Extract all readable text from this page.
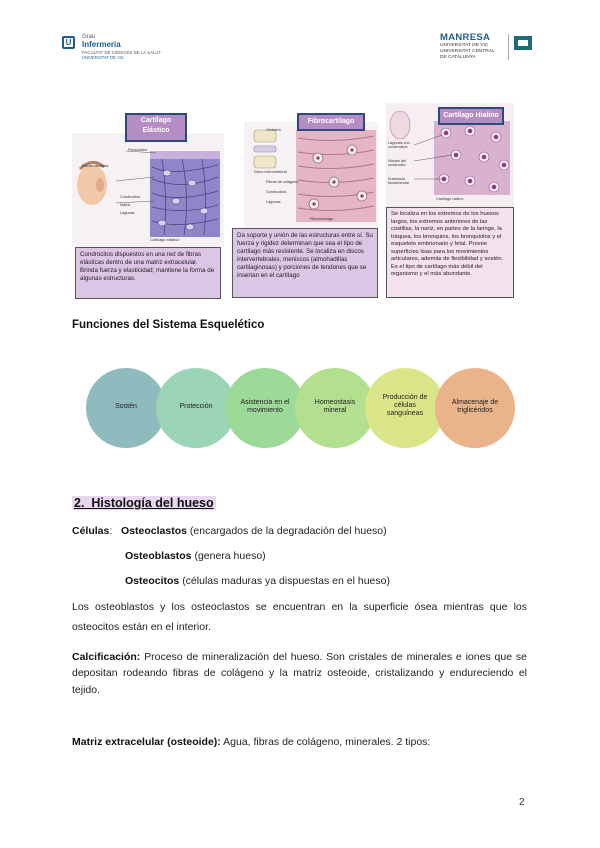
U
Grau
Infermeria
FACULTAT DE CIÈNCIES DE LA SALUT
UNIVERSITAT DE VIC
MANRESA
UNIVERSITAT DE VIC
UNIVERSITAT CENTRAL
DE CATALUNYA
Cartílago Elástico
Pericondrio
Fibras elásticas
Condrocitos
Matriz
Lagunas
Cartílago elástico
Condrocitos dispuestos en una red de fibras elásticas dentro de una matriz extracelular. Brinda fuerza y elasticidad; mantiene la forma de algunas estructuras.
Fibrocartílago
Vértebra
Disco intervertebral
Fibras de colágeno
Condrocitos
Lagunas
Fibrocartílago
Da soporte y unión de las estructuras entre sí. Su fuerza y rigidez determinan que sea el tipo de cartílago más resistente. Se localiza en discos intervertebrales, meniscos (almohadillas cartilaginosas) y porciones de tendones que se insertan en el cartílago
Cartílago Hialino
Lagunas con condrocitos
Núcleo del condrocito
Sustancia fundamental
Cartílago hialino
Se localiza en los extremos de los huesos largos, los extremos anteriores de las costillas, la nariz, en partes de la laringe, la tráquea, los bronquios, los bronquiolos y el esqueleto embrionario y fetal. Provee superficies lisas para los movimientos articulares, además de flexibilidad y sostén. Es el tipo de cartílago más débil del organismo y el más abundante.
Funciones del Sistema Esquelético
Sostén	Protección
Asistencia en el movimiento
Homeostasis mineral
Producción de células sanguíneas
Almacenaje de triglicéridos
2. Histología del hueso
Células:   Osteoclastos (encargados de la degradación del hueso)
Osteoblastos (genera hueso)
Osteocitos (células maduras ya dispuestas en el hueso)
Los osteoblastos y los osteoclastos se encuentran en la superficie ósea mientras que los osteocitos están en el interior.
Calcificación: Proceso de mineralización del hueso. Son cristales de minerales e iones que se depositan rodeando fibras de colágeno y la matriz osteoide, cristalizando y endureciendo el tejido.
Matriz extracelular (osteoide): Agua, fibras de colágeno, minerales. 2 tipos:
2
